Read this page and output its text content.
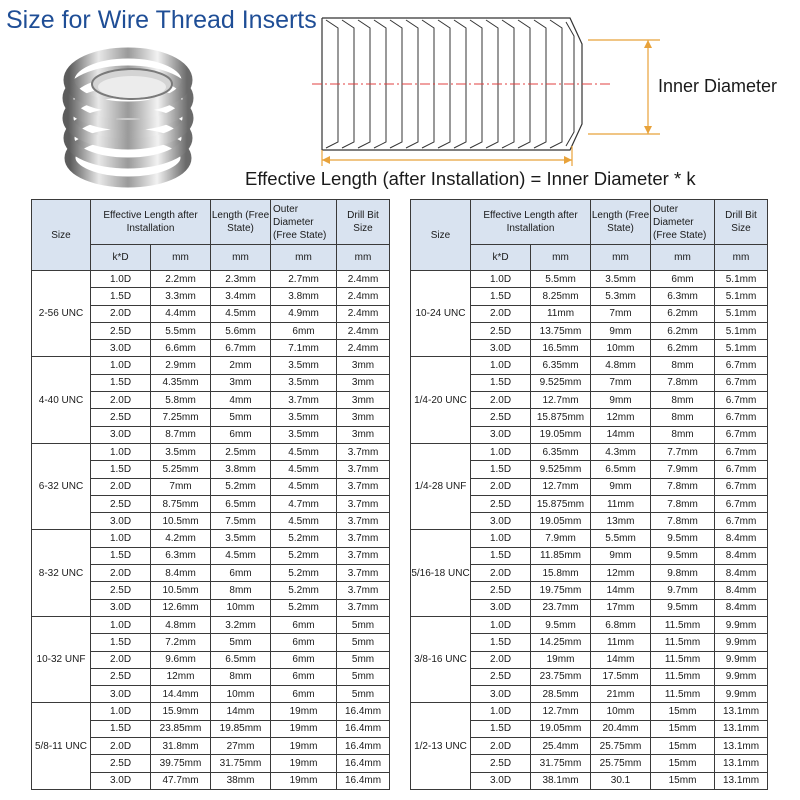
Size for Wire Thread Inserts
Inner Diameter
Effective Length (after Installation) = Inner Diameter * k
Size	Effective Length after Installation		Length (Free State)	Outer Diameter (Free State)	Drill Bit Size
	k*D	mm	mm	mm	mm
2-56 UNC	1.0D	2.2mm	2.3mm	2.7mm	2.4mm
	1.5D	3.3mm	3.4mm	3.8mm	2.4mm
	2.0D	4.4mm	4.5mm	4.9mm	2.4mm
	2.5D	5.5mm	5.6mm	6mm	2.4mm
	3.0D	6.6mm	6.7mm	7.1mm	2.4mm
4-40 UNC	1.0D	2.9mm	2mm	3.5mm	3mm
	1.5D	4.35mm	3mm	3.5mm	3mm
	2.0D	5.8mm	4mm	3.7mm	3mm
	2.5D	7.25mm	5mm	3.5mm	3mm
	3.0D	8.7mm	6mm	3.5mm	3mm
6-32 UNC	1.0D	3.5mm	2.5mm	4.5mm	3.7mm
	1.5D	5.25mm	3.8mm	4.5mm	3.7mm
	2.0D	7mm	5.2mm	4.5mm	3.7mm
	2.5D	8.75mm	6.5mm	4.7mm	3.7mm
	3.0D	10.5mm	7.5mm	4.5mm	3.7mm
8-32 UNC	1.0D	4.2mm	3.5mm	5.2mm	3.7mm
	1.5D	6.3mm	4.5mm	5.2mm	3.7mm
	2.0D	8.4mm	6mm	5.2mm	3.7mm
	2.5D	10.5mm	8mm	5.2mm	3.7mm
	3.0D	12.6mm	10mm	5.2mm	3.7mm
10-32 UNF	1.0D	4.8mm	3.2mm	6mm	5mm
	1.5D	7.2mm	5mm	6mm	5mm
	2.0D	9.6mm	6.5mm	6mm	5mm
	2.5D	12mm	8mm	6mm	5mm
	3.0D	14.4mm	10mm	6mm	5mm
5/8-11 UNC	1.0D	15.9mm	14mm	19mm	16.4mm
	1.5D	23.85mm	19.85mm	19mm	16.4mm
	2.0D	31.8mm	27mm	19mm	16.4mm
	2.5D	39.75mm	31.75mm	19mm	16.4mm
	3.0D	47.7mm	38mm	19mm	16.4mm
Size	Effective Length after Installation		Length (Free State)	Outer Diameter (Free State)	Drill Bit Size
	k*D	mm	mm	mm	mm
10-24 UNC	1.0D	5.5mm	3.5mm	6mm	5.1mm
	1.5D	8.25mm	5.3mm	6.3mm	5.1mm
	2.0D	11mm	7mm	6.2mm	5.1mm
	2.5D	13.75mm	9mm	6.2mm	5.1mm
	3.0D	16.5mm	10mm	6.2mm	5.1mm
1/4-20 UNC	1.0D	6.35mm	4.8mm	8mm	6.7mm
	1.5D	9.525mm	7mm	7.8mm	6.7mm
	2.0D	12.7mm	9mm	8mm	6.7mm
	2.5D	15.875mm	12mm	8mm	6.7mm
	3.0D	19.05mm	14mm	8mm	6.7mm
1/4-28 UNF	1.0D	6.35mm	4.3mm	7.7mm	6.7mm
	1.5D	9.525mm	6.5mm	7.9mm	6.7mm
	2.0D	12.7mm	9mm	7.8mm	6.7mm
	2.5D	15.875mm	11mm	7.8mm	6.7mm
	3.0D	19.05mm	13mm	7.8mm	6.7mm
5/16-18 UNC	1.0D	7.9mm	5.5mm	9.5mm	8.4mm
	1.5D	11.85mm	9mm	9.5mm	8.4mm
	2.0D	15.8mm	12mm	9.8mm	8.4mm
	2.5D	19.75mm	14mm	9.7mm	8.4mm
	3.0D	23.7mm	17mm	9.5mm	8.4mm
3/8-16 UNC	1.0D	9.5mm	6.8mm	11.5mm	9.9mm
	1.5D	14.25mm	11mm	11.5mm	9.9mm
	2.0D	19mm	14mm	11.5mm	9.9mm
	2.5D	23.75mm	17.5mm	11.5mm	9.9mm
	3.0D	28.5mm	21mm	11.5mm	9.9mm
1/2-13 UNC	1.0D	12.7mm	10mm	15mm	13.1mm
	1.5D	19.05mm	20.4mm	15mm	13.1mm
	2.0D	25.4mm	25.75mm	15mm	13.1mm
	2.5D	31.75mm	25.75mm	15mm	13.1mm
	3.0D	38.1mm	30.1	15mm	13.1mm
